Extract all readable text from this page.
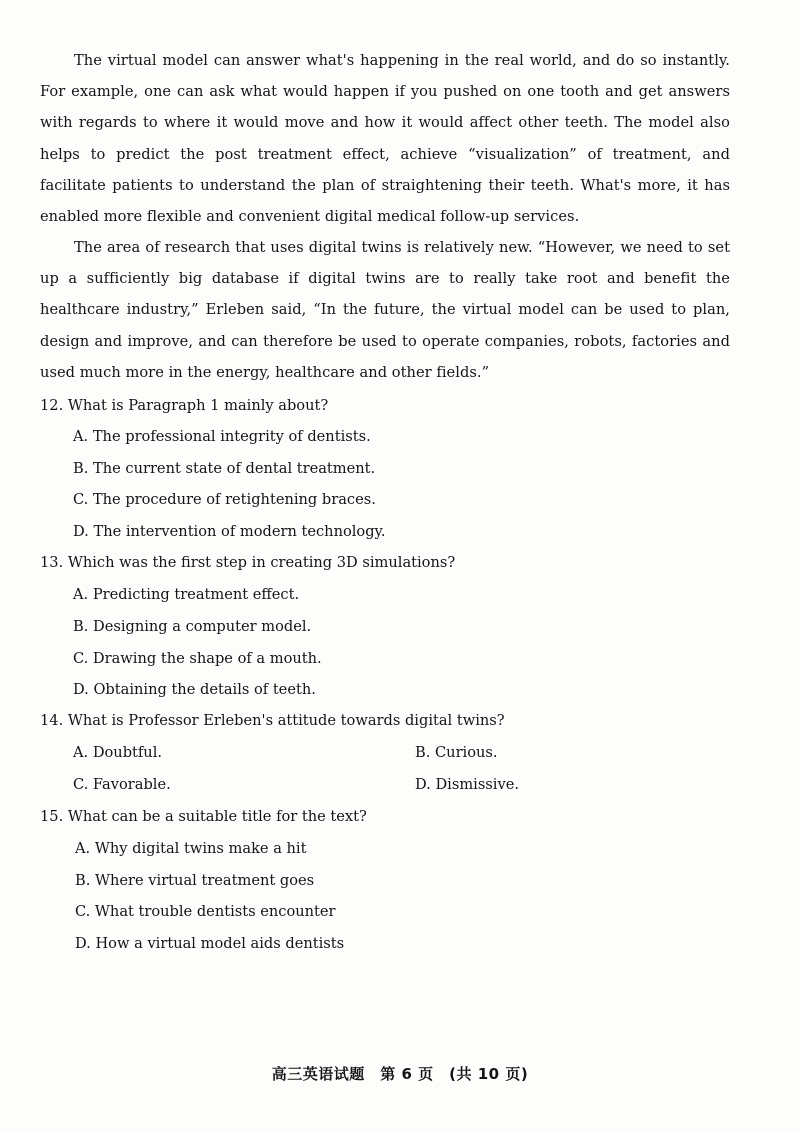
The virtual model can answer what's happening in the real world, and do so instantly. For example, one can ask what would happen if you pushed on one tooth and get answers with regards to where it would move and how it would affect other teeth. The model also helps to predict the post treatment effect, achieve “visualization” of treatment, and facilitate patients to understand the plan of straightening their teeth. What's more, it has enabled more flexible and convenient digital medical follow-up services.

The area of research that uses digital twins is relatively new. “However, we need to set up a sufficiently big database if digital twins are to really take root and benefit the healthcare industry,” Erleben said, “In the future, the virtual model can be used to plan, design and improve, and can therefore be used to operate companies, robots, factories and used much more in the energy, healthcare and other fields.”

12. What is Paragraph 1 mainly about?

A. The professional integrity of dentists.

B. The current state of dental treatment.

C. The procedure of retightening braces.

D. The intervention of modern technology.

13. Which was the first step in creating 3D simulations?

A. Predicting treatment effect.

B. Designing a computer model.

C. Drawing the shape of a mouth.

D. Obtaining the details of teeth.

14. What is Professor Erleben's attitude towards digital twins?

A. Doubtful.	B. Curious.

C. Favorable.	D. Dismissive.

15. What can be a suitable title for the text?

A. Why digital twins make a hit

B. Where virtual treatment goes

C. What trouble dentists encounter

D. How a virtual model aids dentists

高三英语试题　第 6 页　(共 10 页)
